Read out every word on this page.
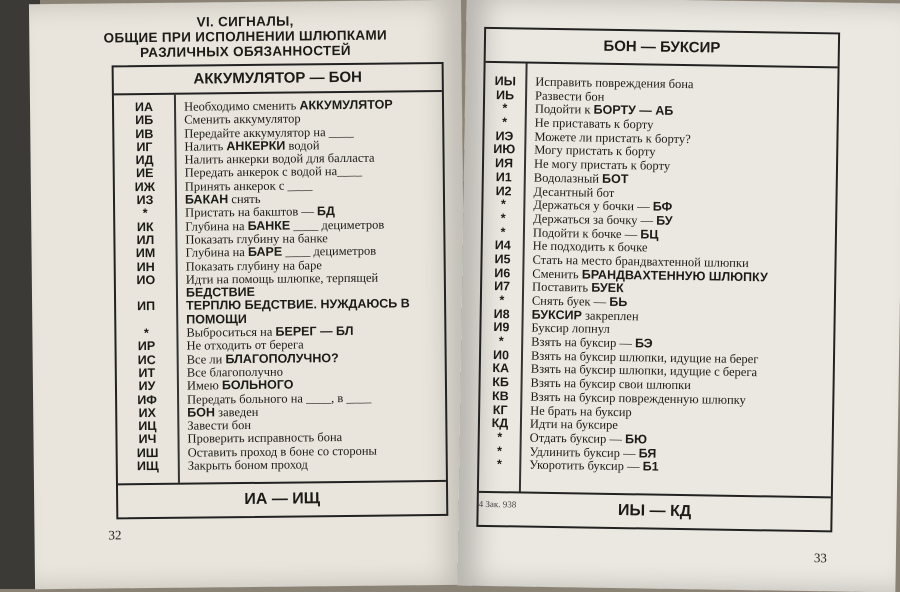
VI. СИГНАЛЫ,
ОБЩИЕ ПРИ ИСПОЛНЕНИИ ШЛЮПКАМИ
РАЗЛИЧНЫХ ОБЯЗАННОСТЕЙ
АККУМУЛЯТОР — БОН
ИА
ИБ
ИВ
ИГ
ИД
ИЕ
ИЖ
ИЗ
*
ИК
ИЛ
ИМ
ИН
ИО
ИП
*
ИР
ИС
ИТ
ИУ
ИФ
ИХ
ИЦ
ИЧ
ИШ
ИЩ
Необходимо сменить АККУМУЛЯТОР
Сменить аккумулятор
Передайте аккумулятор на ____
Налить АНКЕРКИ водой
Налить анкерки водой для балласта
Передать анкерок с водой на____
Принять анкерок с ____
БАКАН снять
Пристать на бакштов — БД
Глубина на БАНКЕ ____ дециметров
Показать глубину на банке
Глубина на БАРЕ ____ дециметров
Показать глубину на баре
Идти на помощь шлюпке, терпящей
БЕДСТВИЕ
ТЕРПЛЮ БЕДСТВИЕ. НУЖДАЮСЬ В
ПОМОЩИ
Выброситься на БЕРЕГ — БЛ
Не отходить от берега
Все ли БЛАГОПОЛУЧНО?
Все благополучно
Имею БОЛЬНОГО
Передать больного на ____, в ____
БОН заведен
Завести бон
Проверить исправность бона
Оставить проход в боне со стороны
Закрыть боном проход
ИА — ИЩ
32
БОН — БУКСИР
ИЫ
ИЬ
*
*
ИЭ
ИЮ
ИЯ
И1
И2
*
*
*
И4
И5
И6
И7
*
И8
И9
*
И0
КА
КБ
КВ
КГ
КД
*
*
*
Исправить повреждения бона
Развести бон
Подойти к БОРТУ — АБ
Не приставать к борту
Можете ли пристать к борту?
Могу пристать к борту
Не могу пристать к борту
Водолазный БОТ
Десантный бот
Держаться у бочки — БФ
Держаться за бочку — БУ
Подойти к бочке — БЦ
Не подходить к бочке
Стать на место брандвахтенной шлюпки
Сменить БРАНДВАХТЕННУЮ ШЛЮПКУ
Поставить БУЕК
Снять буек — БЬ
БУКСИР закреплен
Буксир лопнул
Взять на буксир — БЭ
Взять на буксир шлюпки, идущие на берег
Взять на буксир шлюпки, идущие с берега
Взять на буксир свои шлюпки
Взять на буксир поврежденную шлюпку
Не брать на буксир
Идти на буксире
Отдать буксир — БЮ
Удлинить буксир — БЯ
Укоротить буксир — Б1
ИЫ — КД
4 Зак. 938
33
